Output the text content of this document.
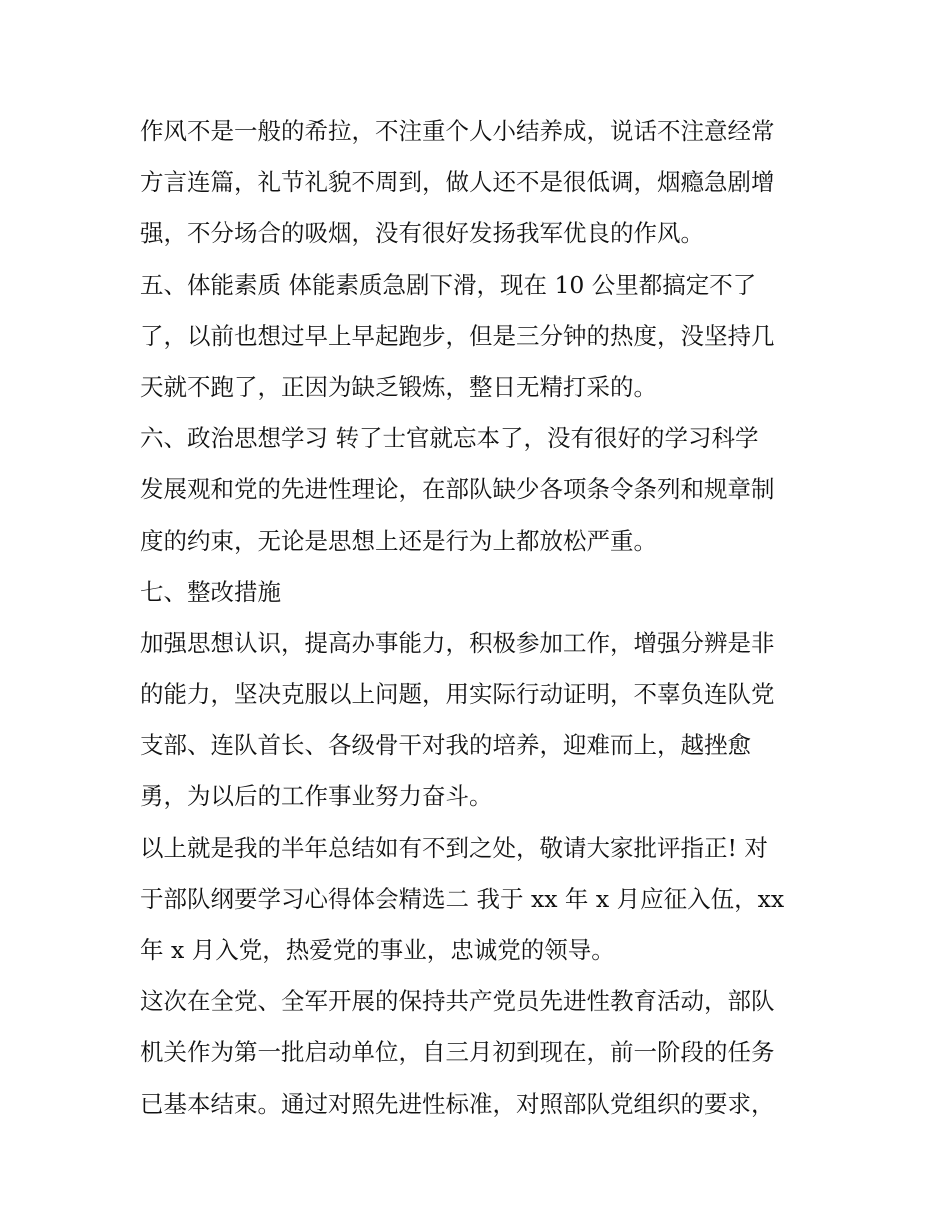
作风不是一般的希拉，不注重个人小结养成，说话不注意经常
方言连篇，礼节礼貌不周到，做人还不是很低调，烟瘾急剧增
强，不分场合的吸烟，没有很好发扬我军优良的作风。
五、体能素质 体能素质急剧下滑，现在 10 公里都搞定不了
了，以前也想过早上早起跑步，但是三分钟的热度，没坚持几
天就不跑了，正因为缺乏锻炼，整日无精打采的。
六、政治思想学习 转了士官就忘本了，没有很好的学习科学
发展观和党的先进性理论，在部队缺少各项条令条列和规章制
度的约束，无论是思想上还是行为上都放松严重。
七、整改措施
加强思想认识，提高办事能力，积极参加工作，增强分辨是非
的能力，坚决克服以上问题，用实际行动证明，不辜负连队党
支部、连队首长、各级骨干对我的培养，迎难而上，越挫愈
勇，为以后的工作事业努力奋斗。
以上就是我的半年总结如有不到之处，敬请大家批评指正! 对
于部队纲要学习心得体会精选二 我于 xx 年 x 月应征入伍，xx
年 x 月入党，热爱党的事业，忠诚党的领导。
这次在全党、全军开展的保持共产党员先进性教育活动，部队
机关作为第一批启动单位，自三月初到现在，前一阶段的任务
已基本结束。通过对照先进性标准，对照部队党组织的要求，
